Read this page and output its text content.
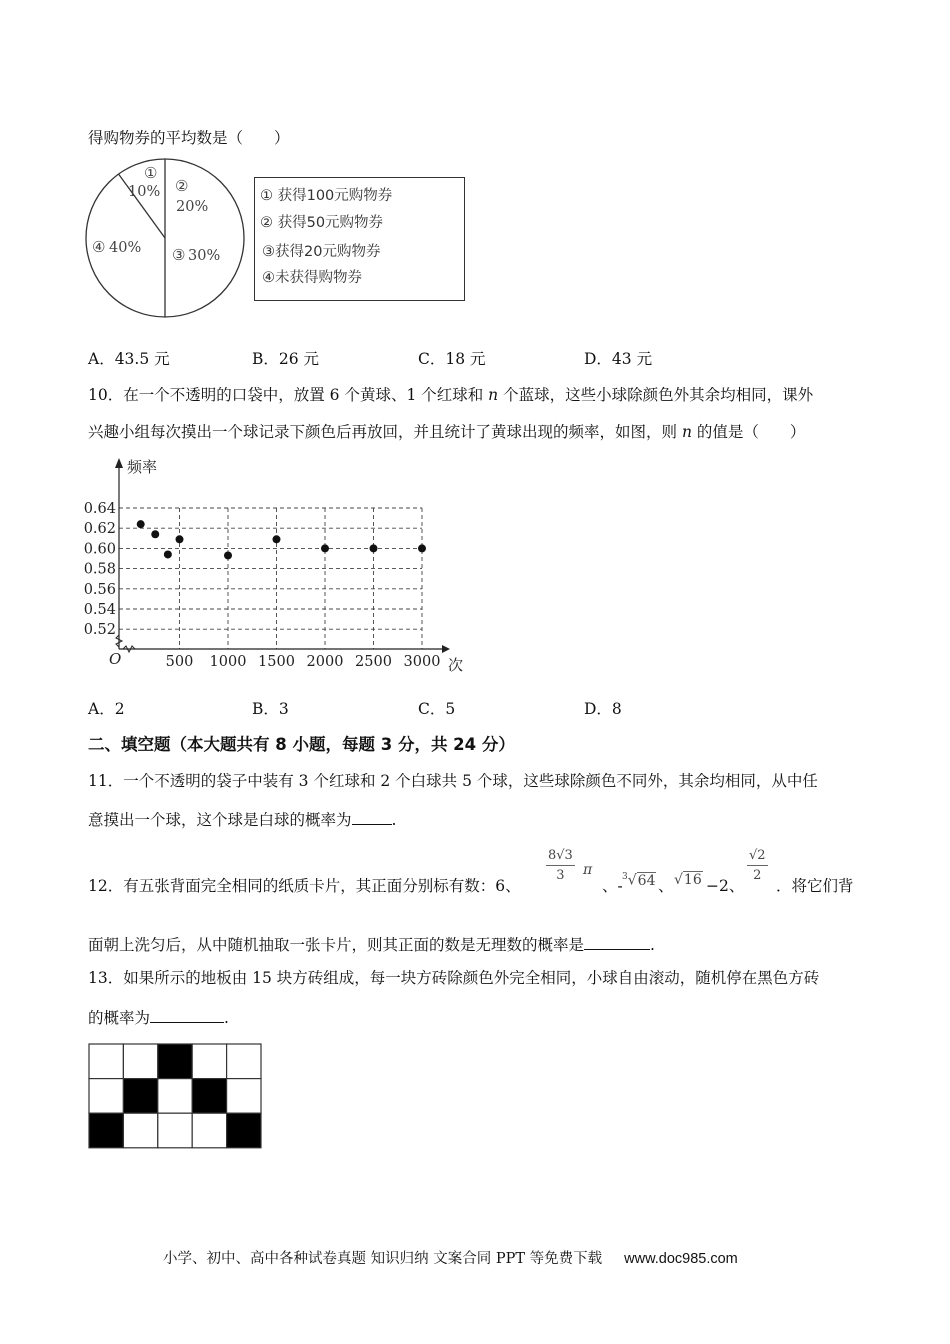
得购物券的平均数是（　　）
①
10% ②
20%
③ 30%
④ 40%
① 获得100元购物券
② 获得50元购物券
③获得20元购物券
④未获得购物券
A．43.5 元	B．26 元	C．18 元	D．43 元
10．在一个不透明的口袋中，放置 6 个黄球、1 个红球和 n 个蓝球，这些小球除颜色外其余均相同，课外
兴趣小组每次摸出一个球记录下颜色后再放回，并且统计了黄球出现的频率，如图，则 n 的值是（　　）
0.52
0.54
0.56
0.58
0.60
0.62
0.64
500 1000 1500 2000 2500 3000
频率
次
O
A．2	B．3	C．5	D．8
二、填空题（本大题共有 8 小题，每题 3 分，共 24 分）
11．一个不透明的袋子中装有 3 个红球和 2 个白球共 5 个球，这些球除颜色不同外，其余均相同，从中任
意摸出一个球，这个球是白球的概率为	.
12．有五张背面完全相同的纸质卡片，其正面分别标有数：6、
$\frac{8√3}{3}$ π
、- $^3$√64 、 √16 −2、
$\frac{√2}{2}$
．将它们背
面朝上洗匀后，从中随机抽取一张卡片，则其正面的数是无理数的概率是	.
13．如果所示的地板由 15 块方砖组成，每一块方砖除颜色外完全相同，小球自由滚动，随机停在黑色方砖
的概率为	.
小学、初中、高中各种试卷真题 知识归纳 文案合同 PPT 等免费下载 www.doc985.com
